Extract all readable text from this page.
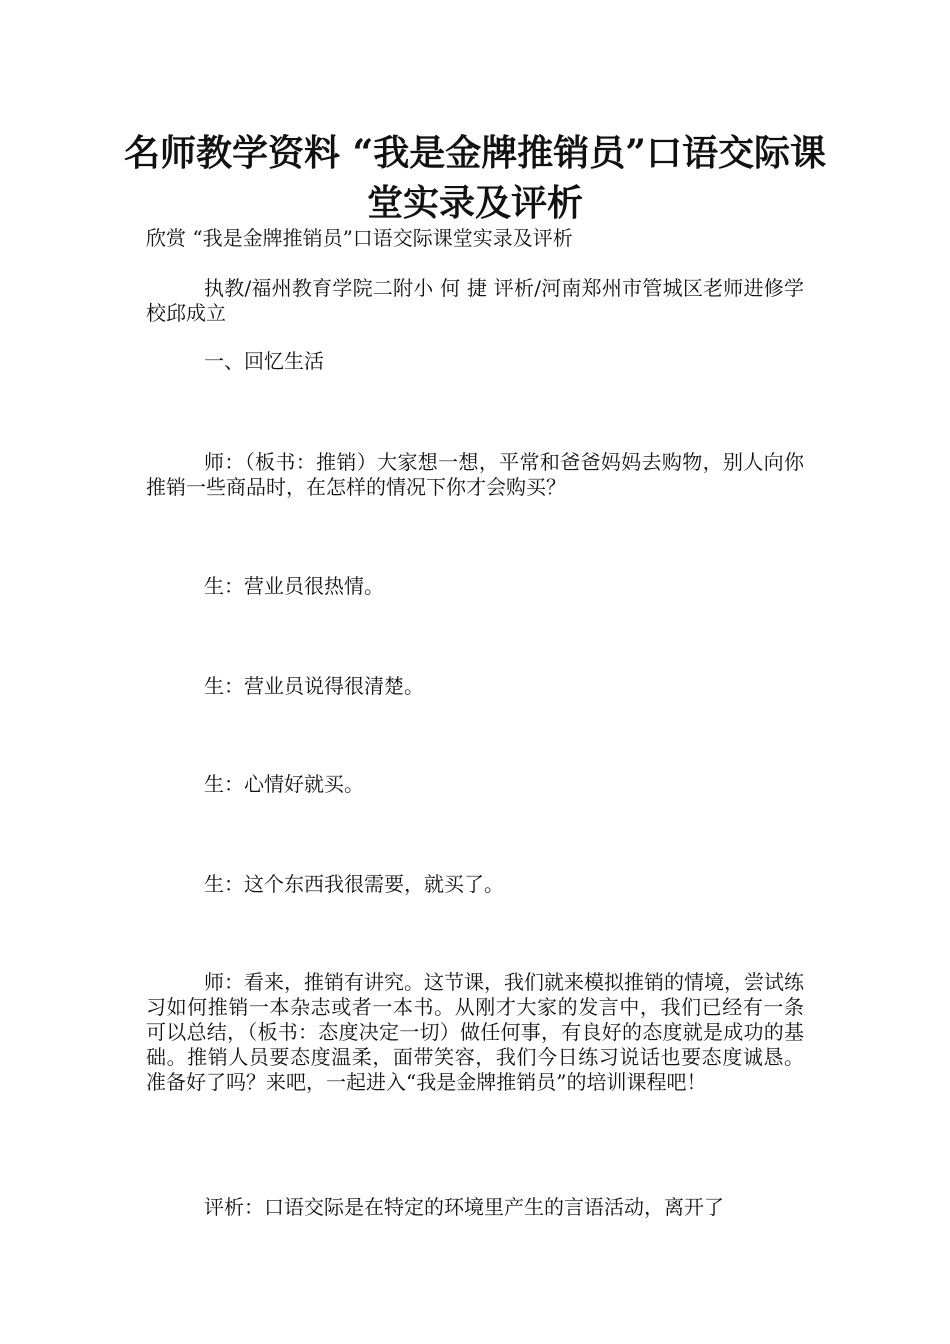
名师教学资料 “我是金牌推销员”口语交际课堂实录及评析

欣赏 “我是金牌推销员”口语交际课堂实录及评析

执教/福州教育学院二附小 何 捷 评析/河南郑州市管城区老师进修学校邱成立

一、回忆生活

师：（板书：推销）大家想一想，平常和爸爸妈妈去购物，别人向你推销一些商品时，在怎样的情况下你才会购买？

生：营业员很热情。

生：营业员说得很清楚。

生：心情好就买。

生：这个东西我很需要，就买了。

师：看来，推销有讲究。这节课，我们就来模拟推销的情境，尝试练习如何推销一本杂志或者一本书。从刚才大家的发言中，我们已经有一条可以总结，（板书：态度决定一切）做任何事，有良好的态度就是成功的基础。推销人员要态度温柔，面带笑容，我们今日练习说话也要态度诚恳。准备好了吗？来吧，一起进入“我是金牌推销员”的培训课程吧！

评析：口语交际是在特定的环境里产生的言语活动，离开了
